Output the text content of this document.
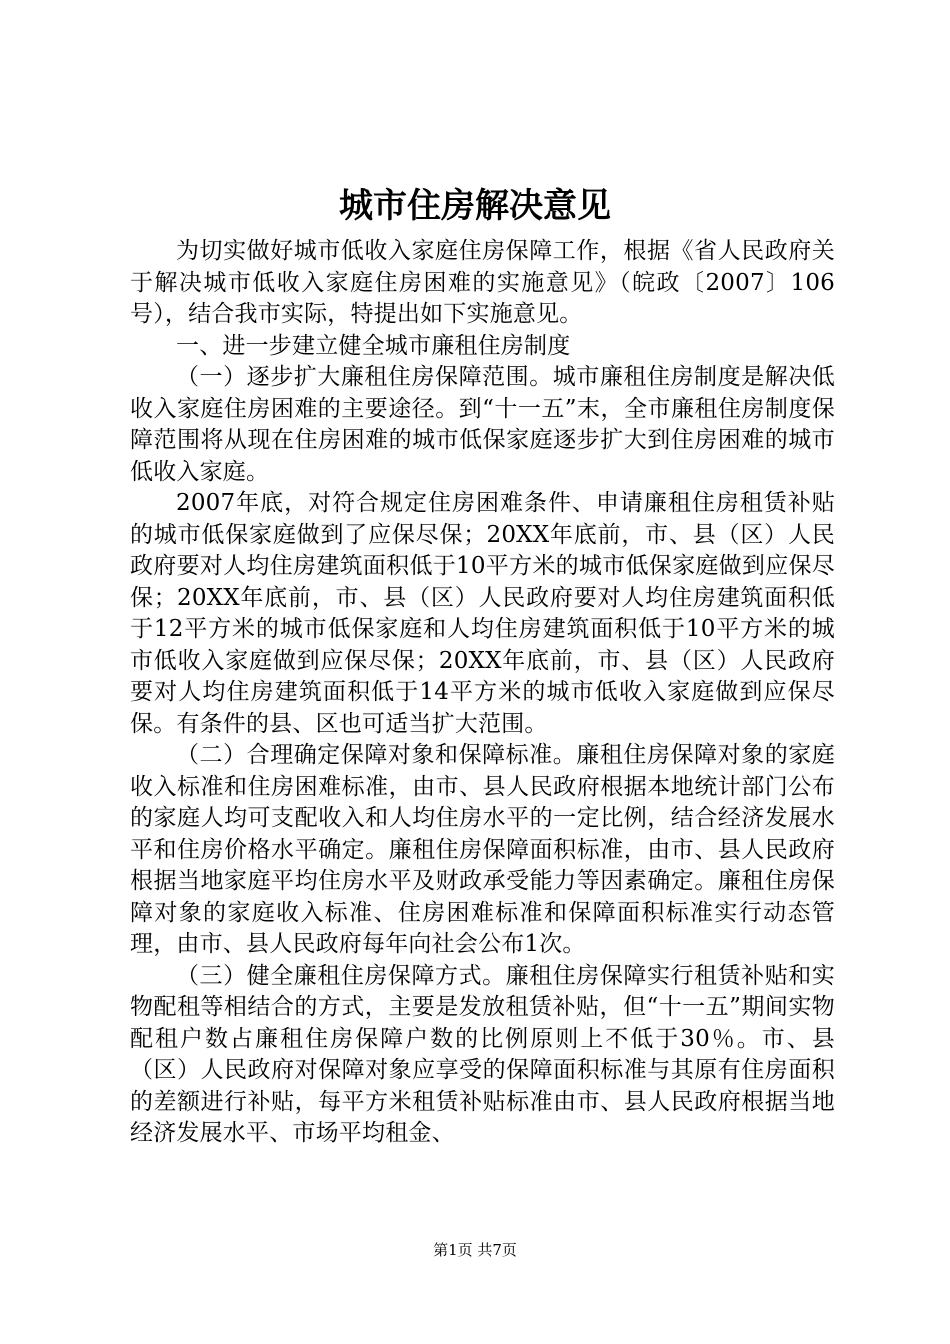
城市住房解决意见

为切实做好城市低收入家庭住房保障工作，根据《省人民政府关于解决城市低收入家庭住房困难的实施意见》（皖政〔2007〕106号），结合我市实际，特提出如下实施意见。

一、进一步建立健全城市廉租住房制度

（一）逐步扩大廉租住房保障范围。城市廉租住房制度是解决低收入家庭住房困难的主要途径。到“十一五”末，全市廉租住房制度保障范围将从现在住房困难的城市低保家庭逐步扩大到住房困难的城市低收入家庭。

2007年底，对符合规定住房困难条件、申请廉租住房租赁补贴的城市低保家庭做到了应保尽保；20XX年底前，市、县（区）人民政府要对人均住房建筑面积低于10平方米的城市低保家庭做到应保尽保；20XX年底前，市、县（区）人民政府要对人均住房建筑面积低于12平方米的城市低保家庭和人均住房建筑面积低于10平方米的城市低收入家庭做到应保尽保；20XX年底前，市、县（区）人民政府要对人均住房建筑面积低于14平方米的城市低收入家庭做到应保尽保。有条件的县、区也可适当扩大范围。

（二）合理确定保障对象和保障标准。廉租住房保障对象的家庭收入标准和住房困难标准，由市、县人民政府根据本地统计部门公布的家庭人均可支配收入和人均住房水平的一定比例，结合经济发展水平和住房价格水平确定。廉租住房保障面积标准，由市、县人民政府根据当地家庭平均住房水平及财政承受能力等因素确定。廉租住房保障对象的家庭收入标准、住房困难标准和保障面积标准实行动态管理，由市、县人民政府每年向社会公布1次。

（三）健全廉租住房保障方式。廉租住房保障实行租赁补贴和实物配租等相结合的方式，主要是发放租赁补贴，但“十一五”期间实物配租户数占廉租住房保障户数的比例原则上不低于30％。市、县（区）人民政府对保障对象应享受的保障面积标准与其原有住房面积的差额进行补贴，每平方米租赁补贴标准由市、县人民政府根据当地经济发展水平、市场平均租金、

第1页 共7页
